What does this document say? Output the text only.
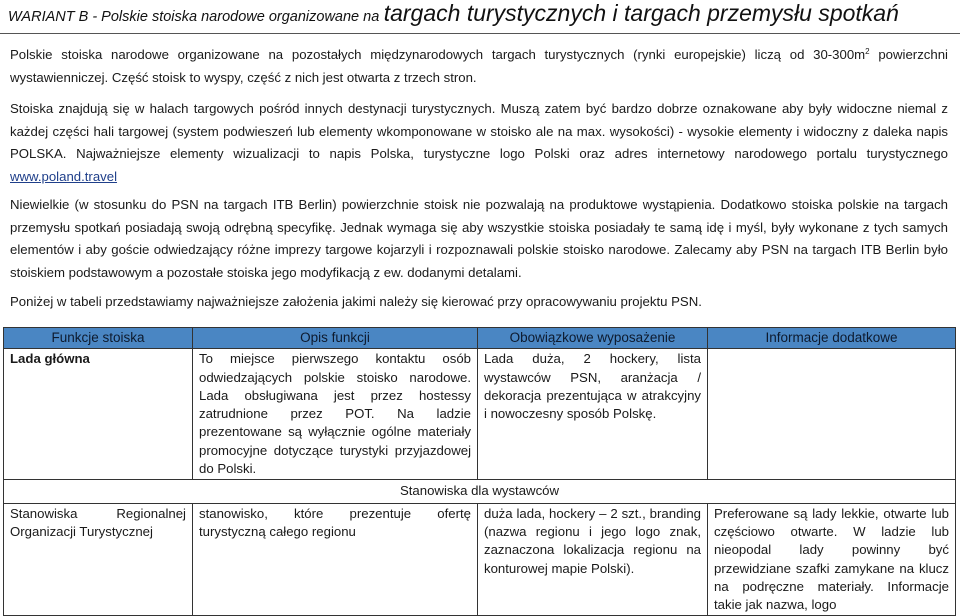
WARIANT B - Polskie stoiska narodowe organizowane na targach turystycznych i targach przemysłu spotkań
Polskie stoiska narodowe organizowane na pozostałych międzynarodowych targach turystycznych (rynki europejskie) liczą od $30-300m^2$ powierzchni wystawienniczej. Część stoisk to wyspy, część z nich jest otwarta z trzech stron.
Stoiska znajdują się w halach targowych pośród innych destynacji turystycznych. Muszą zatem być bardzo dobrze oznakowane aby były widoczne niemal z każdej części hali targowej (system podwieszeń lub elementy wkomponowane w stoisko ale na max. wysokości) - wysokie elementy i widoczny z daleka napis POLSKA. Najważniejsze elementy wizualizacji to napis Polska, turystyczne logo Polski oraz adres internetowy narodowego portalu turystycznego www.poland.travel
Niewielkie (w stosunku do PSN na targach ITB Berlin) powierzchnie stoisk nie pozwalają na produktowe wystąpienia. Dodatkowo stoiska polskie na targach przemysłu spotkań posiadają swoją odrębną specyfikę. Jednak wymaga się aby wszystkie stoiska posiadały te samą idę i myśl, były wykonane z tych samych elementów i aby goście odwiedzający różne imprezy targowe kojarzyli i rozpoznawali polskie stoisko narodowe. Zalecamy aby PSN na targach ITB Berlin było stoiskiem podstawowym a pozostałe stoiska jego modyfikacją z ew. dodanymi detalami.
Poniżej w tabeli przedstawiamy najważniejsze założenia jakimi należy się kierować przy opracowywaniu projektu PSN.
Funkcje stoiska	Opis funkcji	Obowiązkowe wyposażenie	Informacje dodatkowe
Lada główna	To miejsce pierwszego kontaktu osób odwiedzających polskie stoisko narodowe. Lada obsługiwana jest przez hostessy zatrudnione przez POT. Na ladzie prezentowane są wyłącznie ogólne materiały promocyjne dotyczące turystyki przyjazdowej do Polski.	Lada duża, 2 hockery, lista wystawców PSN, aranżacja / dekoracja prezentująca w atrakcyjny i nowoczesny sposób Polskę.	
Stanowiska dla wystawców			
Stanowiska Regionalnej Organizacji Turystycznej	stanowisko, które prezentuje ofertę turystyczną całego regionu	duża lada, hockery – 2 szt., branding (nazwa regionu i jego logo znak, zaznaczona lokalizacja regionu na konturowej mapie Polski).	Preferowane są lady lekkie, otwarte lub częściowo otwarte. W ladzie lub nieopodal lady powinny być przewidziane szafki zamykane na klucz na podręczne materiały. Informacje takie jak nazwa, logo
